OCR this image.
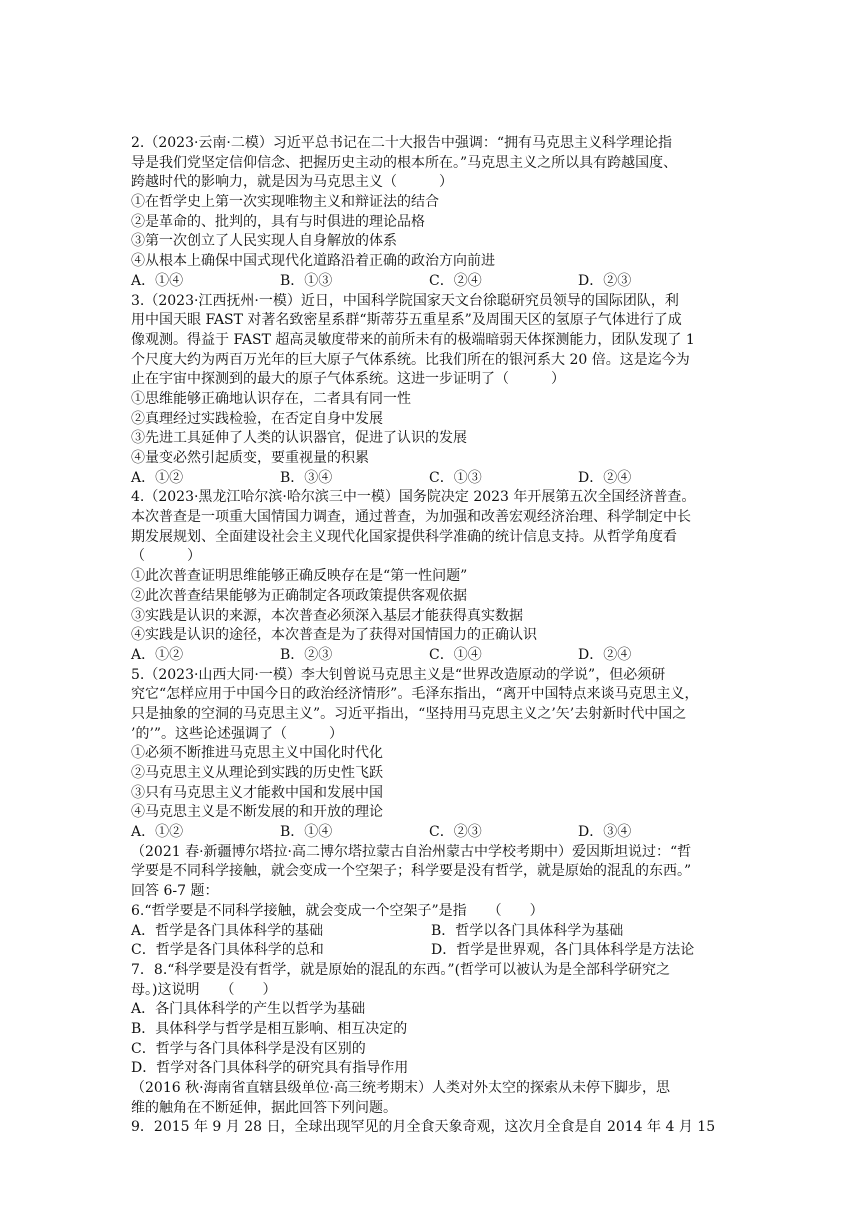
2.（2023·云南·二模）习近平总书记在二十大报告中强调：“拥有马克思主义科学理论指
导是我们党坚定信仰信念、把握历史主动的根本所在。”马克思主义之所以具有跨越国度、
跨越时代的影响力，就是因为马克思主义（　　　）
①在哲学史上第一次实现唯物主义和辩证法的结合
②是革命的、批判的，具有与时俱进的理论品格
③第一次创立了人民实现人自身解放的体系
④从根本上确保中国式现代化道路沿着正确的政治方向前进
A．①④	B．①③	C．②④	D．②③
3.（2023·江西抚州·一模）近日，中国科学院国家天文台徐聪研究员领导的国际团队，利
用中国天眼 FAST 对著名致密星系群“斯蒂芬五重星系”及周围天区的氢原子气体进行了成
像观测。得益于 FAST 超高灵敏度带来的前所未有的极端暗弱天体探测能力，团队发现了 1
个尺度大约为两百万光年的巨大原子气体系统。比我们所在的银河系大 20 倍。这是迄今为
止在宇宙中探测到的最大的原子气体系统。这进一步证明了（　　　）
①思维能够正确地认识存在，二者具有同一性
②真理经过实践检验，在否定自身中发展
③先进工具延伸了人类的认识器官，促进了认识的发展
④量变必然引起质变，要重视量的积累
A．①②	B．③④	C．①③	D．②④
4.（2023·黑龙江哈尔滨·哈尔滨三中一模）国务院决定 2023 年开展第五次全国经济普查。
本次普查是一项重大国情国力调查，通过普查，为加强和改善宏观经济治理、科学制定中长
期发展规划、全面建设社会主义现代化国家提供科学准确的统计信息支持。从哲学角度看
（　　　）
①此次普查证明思维能够正确反映存在是“第一性问题”
②此次普查结果能够为正确制定各项政策提供客观依据
③实践是认识的来源，本次普查必须深入基层才能获得真实数据
④实践是认识的途径，本次普查是为了获得对国情国力的正确认识
A．①②	B．②③	C．①④	D．②④
5.（2023·山西大同·一模）李大钊曾说马克思主义是“世界改造原动的学说”，但必须研
究它“怎样应用于中国今日的政治经济情形”。毛泽东指出，“离开中国特点来谈马克思主义，
只是抽象的空洞的马克思主义”。习近平指出，“坚持用马克思主义之’矢’去射新时代中国之
’的’”。这些论述强调了（　　　）
①必须不断推进马克思主义中国化时代化
②马克思主义从理论到实践的历史性飞跃
③只有马克思主义才能救中国和发展中国
④马克思主义是不断发展的和开放的理论
A．①②	B．①④	C．②③	D．③④
（2021 春·新疆博尔塔拉·高二博尔塔拉蒙古自治州蒙古中学校考期中）爱因斯坦说过：“哲
学要是不同科学接触，就会变成一个空架子；科学要是没有哲学，就是原始的混乱的东西。”
回答 6-7 题：
6.“哲学要是不同科学接触，就会变成一个空架子”是指　　（　　）
A．哲学是各门具体科学的基础	B．哲学以各门具体科学为基础
C．哲学是各门具体科学的总和	D．哲学是世界观，各门具体科学是方法论
7．8.“科学要是没有哲学，就是原始的混乱的东西。”(哲学可以被认为是全部科学研究之
母。)这说明　　（　　）
A．各门具体科学的产生以哲学为基础
B．具体科学与哲学是相互影响、相互决定的
C．哲学与各门具体科学是没有区别的
D．哲学对各门具体科学的研究具有指导作用
（2016 秋·海南省直辖县级单位·高三统考期末）人类对外太空的探索从未停下脚步，思
维的触角在不断延伸，据此回答下列问题。
9．2015 年 9 月 28 日，全球出现罕见的月全食天象奇观，这次月全食是自 2014 年 4 月 15
